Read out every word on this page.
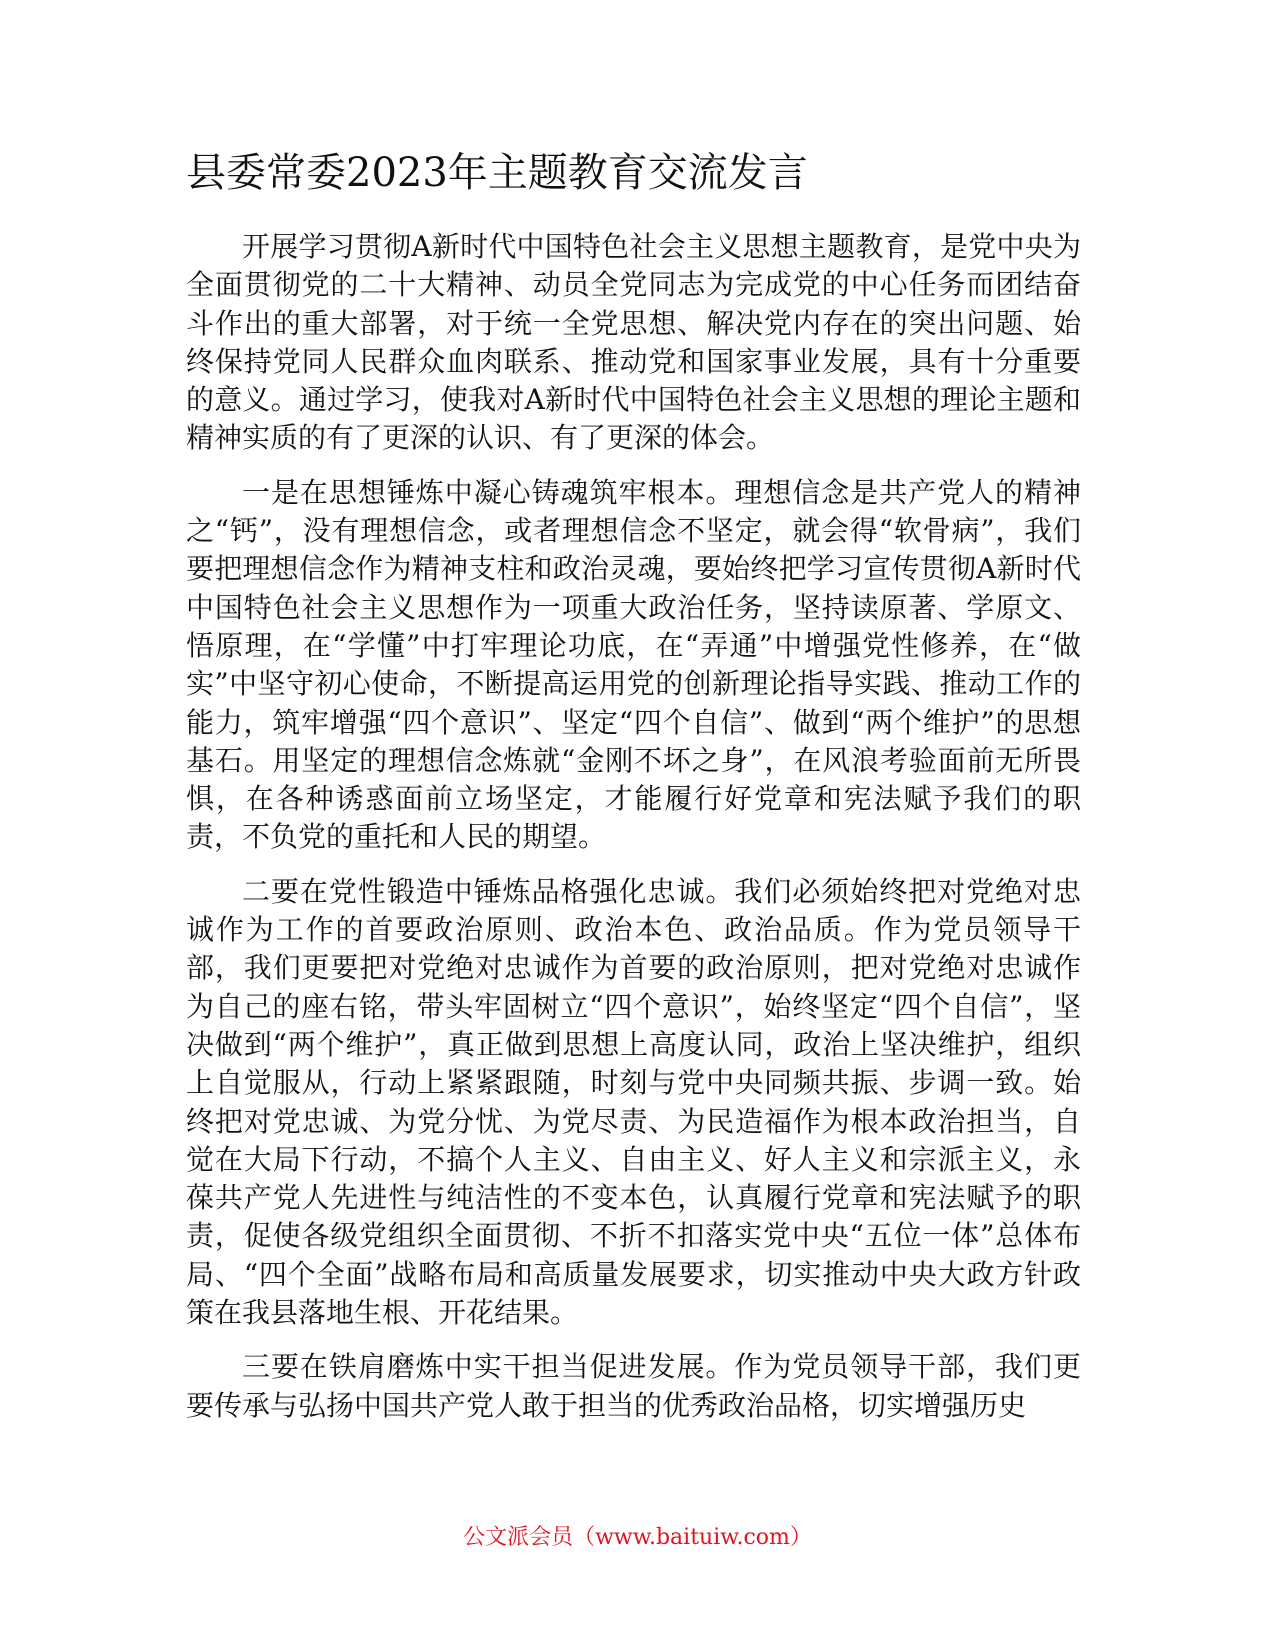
县委常委2023年主题教育交流发言

开展学习贯彻A新时代中国特色社会主义思想主题教育，是党中央为全面贯彻党的二十大精神、动员全党同志为完成党的中心任务而团结奋斗作出的重大部署，对于统一全党思想、解决党内存在的突出问题、始终保持党同人民群众血肉联系、推动党和国家事业发展，具有十分重要的意义。通过学习，使我对A新时代中国特色社会主义思想的理论主题和精神实质的有了更深的认识、有了更深的体会。

一是在思想锤炼中凝心铸魂筑牢根本。理想信念是共产党人的精神之“钙”，没有理想信念，或者理想信念不坚定，就会得“软骨病”，我们要把理想信念作为精神支柱和政治灵魂，要始终把学习宣传贯彻A新时代中国特色社会主义思想作为一项重大政治任务，坚持读原著、学原文、悟原理，在“学懂”中打牢理论功底，在“弄通”中增强党性修养，在“做实”中坚守初心使命，不断提高运用党的创新理论指导实践、推动工作的能力，筑牢增强“四个意识”、坚定“四个自信”、做到“两个维护”的思想基石。用坚定的理想信念炼就“金刚不坏之身”，在风浪考验面前无所畏惧，在各种诱惑面前立场坚定，才能履行好党章和宪法赋予我们的职责，不负党的重托和人民的期望。

二要在党性锻造中锤炼品格强化忠诚。我们必须始终把对党绝对忠诚作为工作的首要政治原则、政治本色、政治品质。作为党员领导干部，我们更要把对党绝对忠诚作为首要的政治原则，把对党绝对忠诚作为自己的座右铭，带头牢固树立“四个意识”，始终坚定“四个自信”，坚决做到“两个维护”，真正做到思想上高度认同，政治上坚决维护，组织上自觉服从，行动上紧紧跟随，时刻与党中央同频共振、步调一致。始终把对党忠诚、为党分忧、为党尽责、为民造福作为根本政治担当，自觉在大局下行动，不搞个人主义、自由主义、好人主义和宗派主义，永葆共产党人先进性与纯洁性的不变本色，认真履行党章和宪法赋予的职责，促使各级党组织全面贯彻、不折不扣落实党中央“五位一体”总体布局、“四个全面”战略布局和高质量发展要求，切实推动中央大政方针政策在我县落地生根、开花结果。

三要在铁肩磨炼中实干担当促进发展。作为党员领导干部，我们更要传承与弘扬中国共产党人敢于担当的优秀政治品格，切实增强历史

公文派会员（www.baituiw.com）
